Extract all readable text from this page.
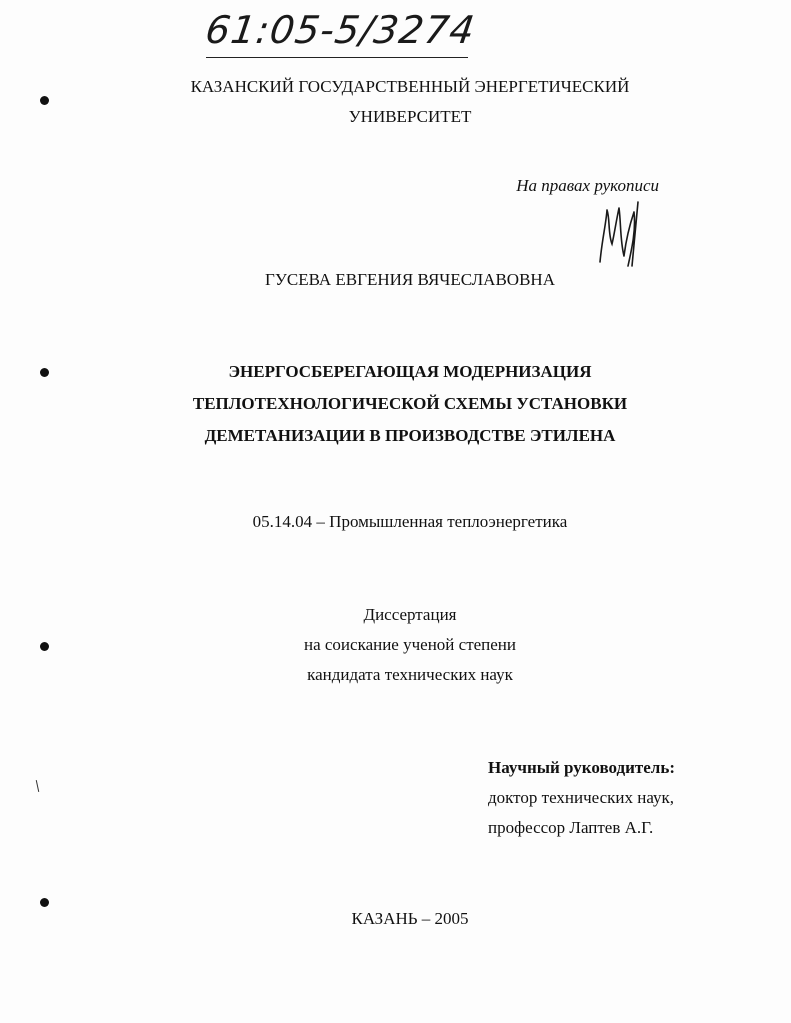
61:05-5/3274
КАЗАНСКИЙ ГОСУДАРСТВЕННЫЙ ЭНЕРГЕТИЧЕСКИЙ
УНИВЕРСИТЕТ
На правах рукописи
ГУСЕВА ЕВГЕНИЯ ВЯЧЕСЛАВОВНА
ЭНЕРГОСБЕРЕГАЮЩАЯ МОДЕРНИЗАЦИЯ
ТЕПЛОТЕХНОЛОГИЧЕСКОЙ СХЕМЫ УСТАНОВКИ
ДЕМЕТАНИЗАЦИИ В ПРОИЗВОДСТВЕ ЭТИЛЕНА
05.14.04 – Промышленная теплоэнергетика
Диссертация
на соискание ученой степени
кандидата технических наук
Научный руководитель:
доктор технических наук,
профессор Лаптев А.Г.
КАЗАНЬ – 2005
